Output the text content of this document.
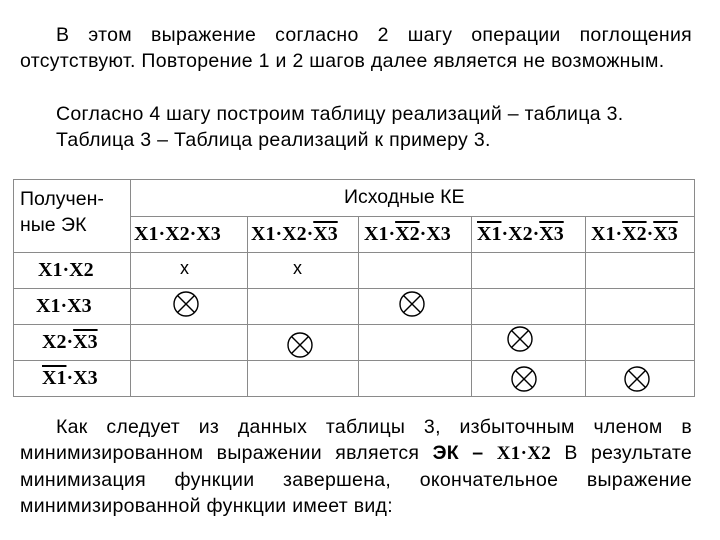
В этом выражение согласно 2 шагу операции поглощения отсутствуют. Повторение 1 и 2 шагов далее является не возможным.
Согласно 4 шагу построим таблицу реализаций – таблица 3.
Таблица 3 – Таблица реализаций к примеру 3.
Получен-ные ЭК
Исходные КЕ
X1·X2·X3 X1·X2·X3 X1·X2·X3 X1·X2·X3 X1·X2·X3
X1·X2
X1·X3
X2·X3
X1·X3
x	x
Как следует из данных таблицы 3, избыточным членом в минимизированном выражении является ЭК – X1·X2 В результате минимизация функции завершена, окончательное выражение минимизированной функции имеет вид:
